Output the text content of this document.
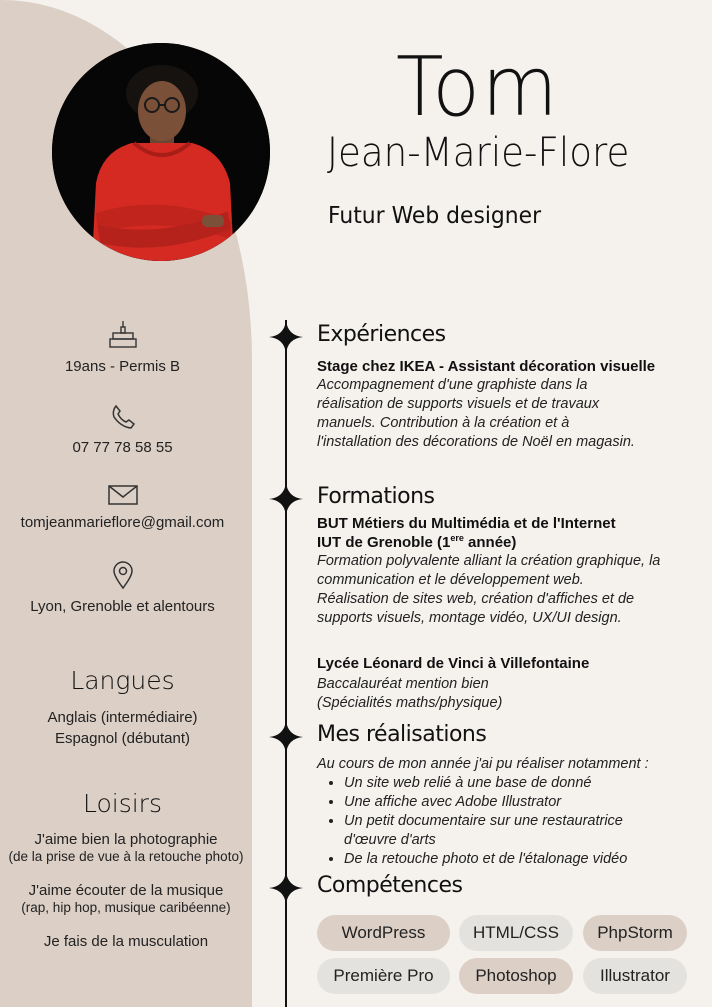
Tom
Jean-Marie-Flore
Futur Web designer
19ans - Permis B
07 77 78 58 55
tomjeanmarieflore@gmail.com
Lyon, Grenoble et alentours
Langues
Anglais (intermédiaire)
Espagnol (débutant)
Loisirs
J'aime bien la photographie
(de la prise de vue à la retouche photo)
J'aime écouter de la musique
(rap, hip hop, musique caribéenne)
Je fais de la musculation
Expériences
Stage chez IKEA - Assistant décoration visuelle
Accompagnement d'une graphiste dans la réalisation de supports visuels et de travaux manuels. Contribution à la création et à l'installation des décorations de Noël en magasin.
Formations
BUT Métiers du Multimédia et de l'Internet
IUT de Grenoble (1ere année)
Formation polyvalente alliant la création graphique, la communication et le développement web.
Réalisation de sites web, création d'affiches et de supports visuels, montage vidéo, UX/UI design.
Lycée Léonard de Vinci à Villefontaine
Baccalauréat mention bien
(Spécialités maths/physique)
Mes réalisations
Au cours de mon année j'ai pu réaliser notamment :
• Un site web relié à une base de donné
• Une affiche avec Adobe Illustrator
• Un petit documentaire sur une restauratrice d'œuvre d'arts
• De la retouche photo et de l'étalonage vidéo
Compétences
WordPress	HTML/CSS	PhpStorm
Première Pro	Photoshop	Illustrator
